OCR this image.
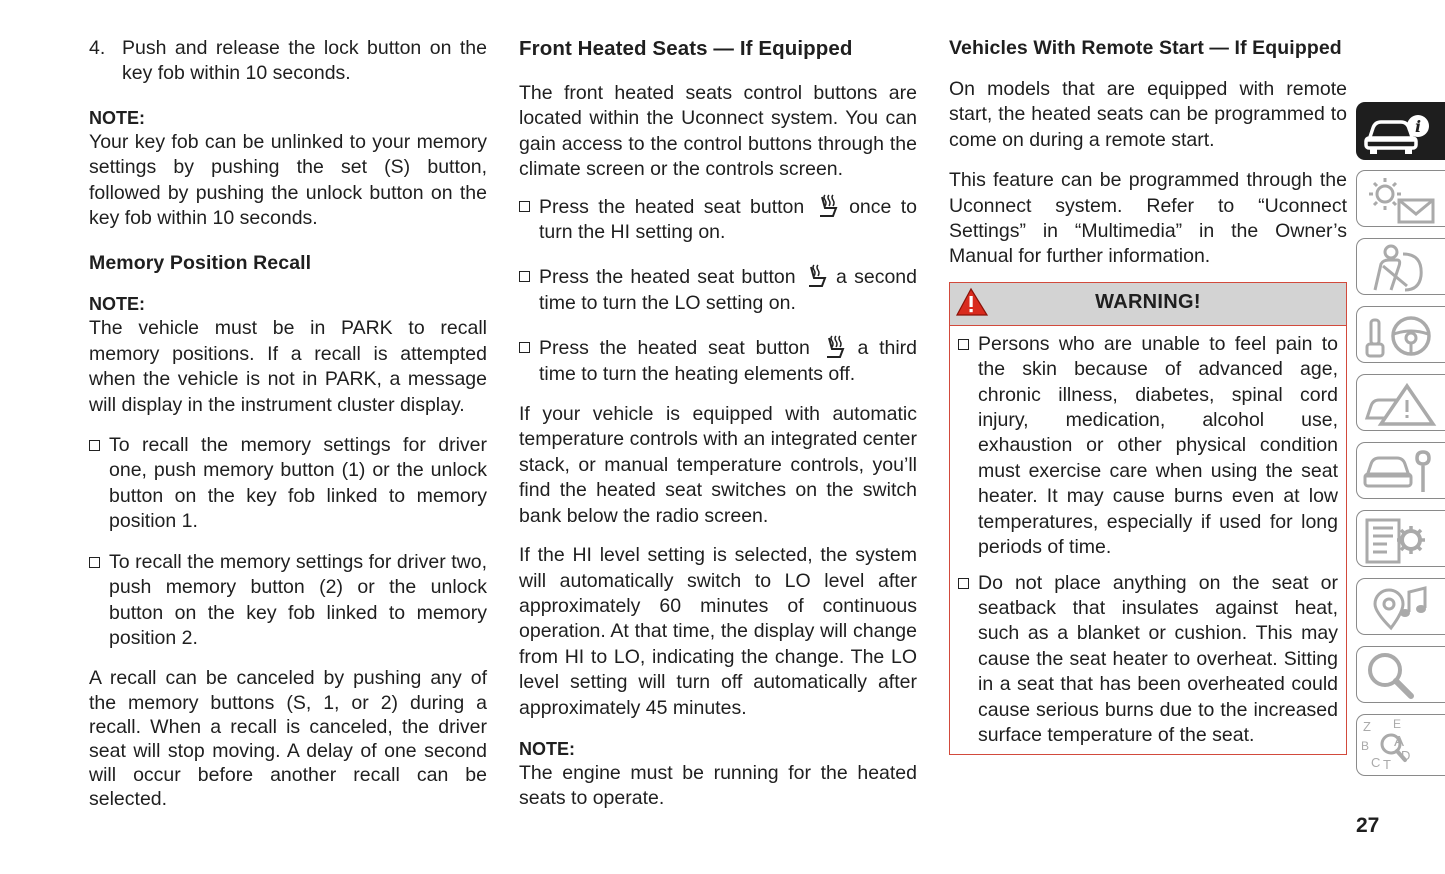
4. Push and release the lock button on the key fob within 10 seconds.
NOTE:

Your key fob can be unlinked to your memory settings by pushing the set (S) button, followed by pushing the unlock button on the key fob within 10 seconds.

Memory Position Recall
NOTE:

The vehicle must be in PARK to recall memory positions. If a recall is attempted when the vehicle is not in PARK, a message will display in the instrument cluster display.

To recall the memory settings for driver one, push memory button (1) or the unlock button on the key fob linked to memory position 1.
To recall the memory settings for driver two, push memory button (2) or the unlock button on the key fob linked to memory position 2.

A recall can be canceled by pushing any of the memory buttons (S, 1, or 2) during a recall. When a recall is canceled, the driver seat will stop moving. A delay of one second will occur before another recall can be selected.

Front Heated Seats — If Equipped

The front heated seats control buttons are located within the Uconnect system. You can gain access to the control buttons through the climate screen or the controls screen.

Press the heated seat button once to turn the HI setting on.
Press the heated seat button a second time to turn the LO setting on.
Press the heated seat button a third time to turn the heating elements off.

If your vehicle is equipped with automatic temperature controls with an integrated center stack, or manual temperature controls, you’ll find the heated seat switches on the switch bank below the radio screen.

If the HI level setting is selected, the system will automatically switch to LO level after approximately 60 minutes of continuous operation. At that time, the display will change from HI to LO, indicating the change. The LO level setting will turn off automatically after approximately 45 minutes.

NOTE:

The engine must be running for the heated seats to operate.

Vehicles With Remote Start — If Equipped

On models that are equipped with remote start, the heated seats can be programmed to come on during a remote start.

This feature can be programmed through the Uconnect system. Refer to “Uconnect Settings” in “Multimedia” in the Owner’s Manual for further information.

WARNING!
Persons who are unable to feel pain to the skin because of advanced age, chronic illness, diabetes, spinal cord injury, medication, alcohol use, exhaustion or other physical condition must exercise care when using the seat heater. It may cause burns even at low temperatures, especially if used for long periods of time.
Do not place anything on the seat or seatback that insulates against heat, such as a blanket or cushion. This may cause the seat heater to overheat. Sitting in a seat that has been overheated could cause serious burns due to the increased surface temperature of the seat.
i
Z E
B A
D
C T
27
